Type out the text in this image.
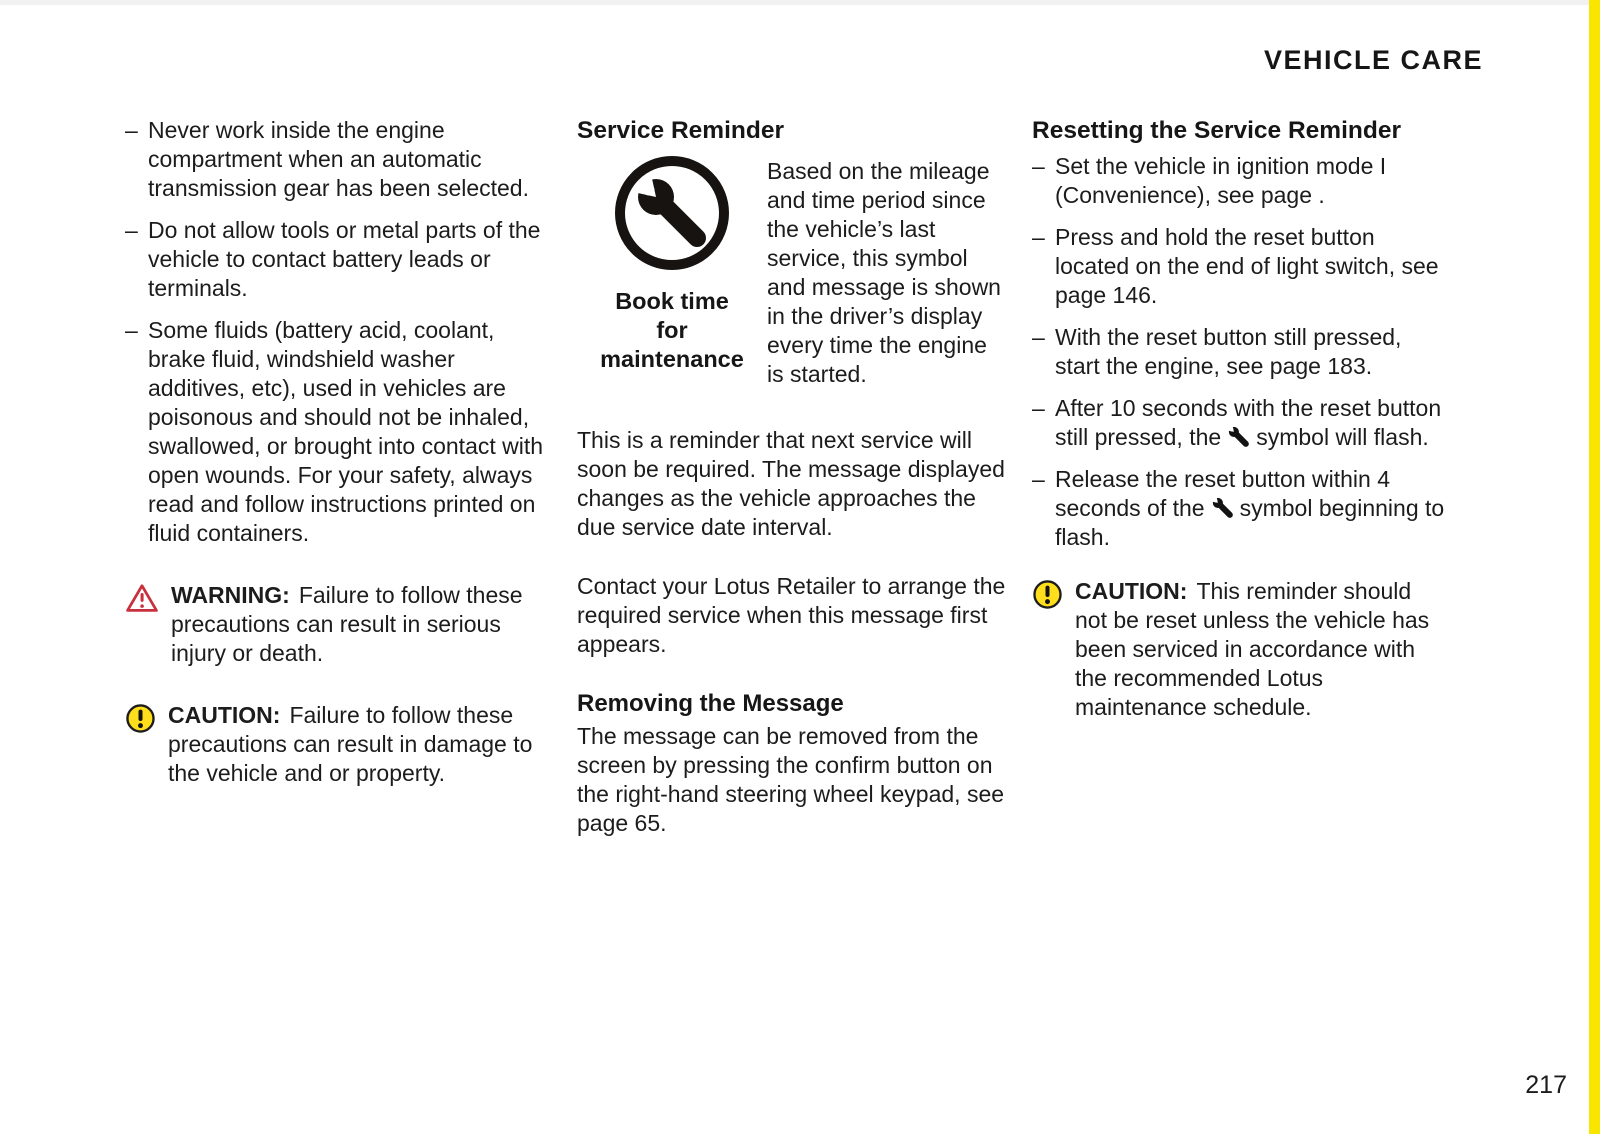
VEHICLE CARE
217
– Never work inside the engine compartment when an automatic transmission gear has been selected.
– Do not allow tools or metal parts of the vehicle to contact battery leads or terminals.
– Some fluids (battery acid, coolant, brake fluid, windshield washer additives, etc), used in vehicles are poisonous and should not be inhaled, swallowed, or brought into contact with open wounds. For your safety, always read and follow instructions printed on fluid containers.

WARNING: Failure to follow these precautions can result in serious injury or death.

CAUTION: Failure to follow these precautions can result in damage to the vehicle and or property.

Service Reminder
Book time
for
maintenance

Based on the mileage and time period since the vehicle’s last service, this symbol and message is shown in the driver’s display every time the engine is started.

This is a reminder that next service will soon be required. The message displayed changes as the vehicle approaches the due service date interval.

Contact your Lotus Retailer to arrange the required service when this message first appears.

Removing the Message

The message can be removed from the screen by pressing the confirm button on the right-hand steering wheel keypad, see page 65.

Resetting the Service Reminder
– Set the vehicle in ignition mode I (Convenience), see page .
– Press and hold the reset button located on the end of light switch, see page 146.
– With the reset button still pressed, start the engine, see page 183.
– After 10 seconds with the reset button still pressed, the symbol will flash.
– Release the reset button within 4 seconds of the symbol beginning to flash.

CAUTION: This reminder should not be reset unless the vehicle has been serviced in accordance with the recommended Lotus maintenance schedule.
